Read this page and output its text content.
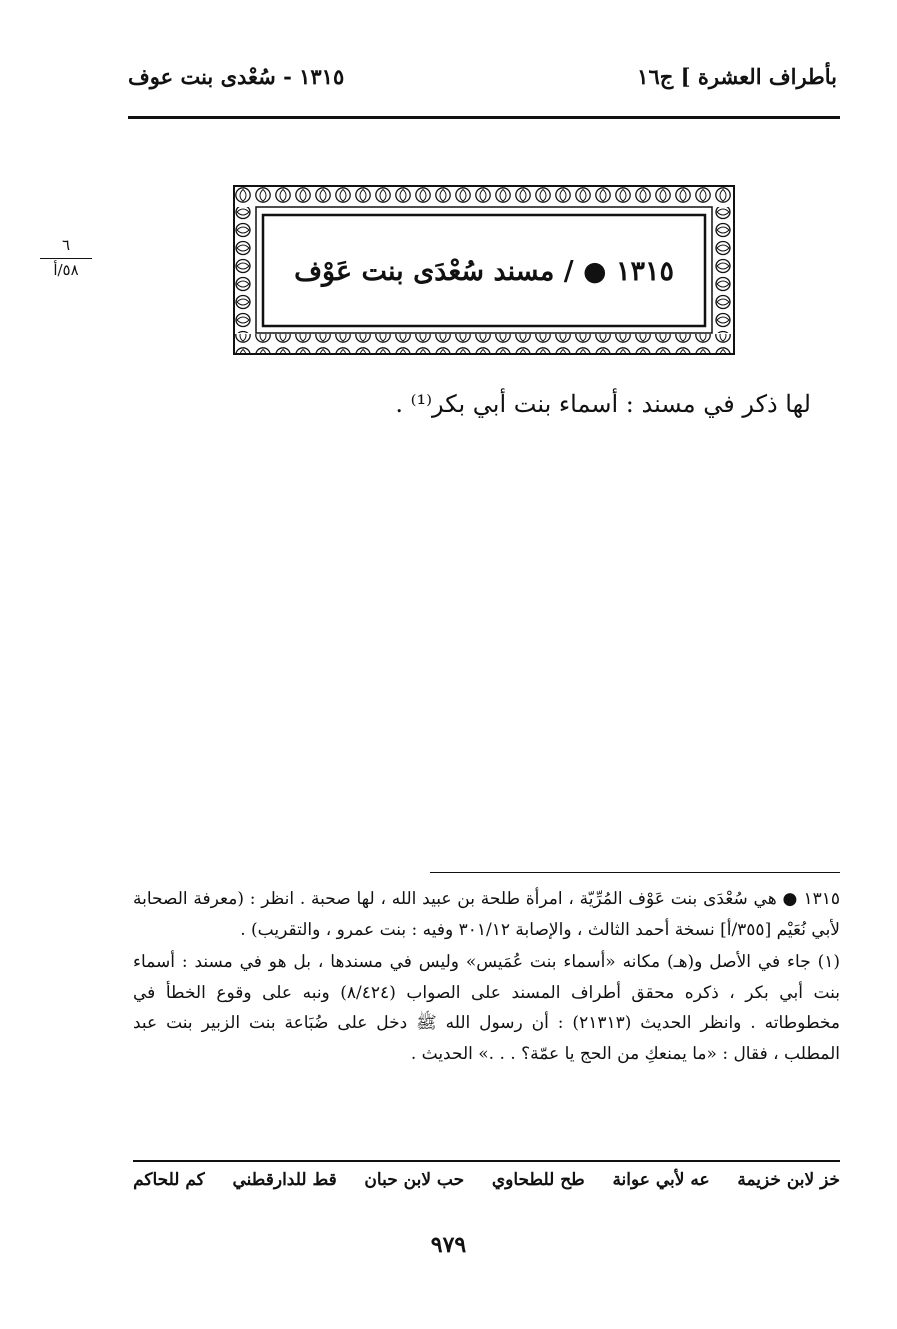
بأطراف العشرة ] ج١٦
١٣١٥ - سُعْدى بنت عوف
٦
٥٨/أ	١٣١٥ ● / مسند سُعْدَى بنت عَوْف
لها ذكر في مسند : أسماء بنت أبي بكر⁽¹⁾ .

١٣١٥ ● هي سُعْدَى بنت عَوْف المُرِّيّة ، امرأة طلحة بن عبيد الله ، لها صحبة . انظر : (معرفة الصحابة لأبي نُعَيْم [٣٥٥/أ] نسخة أحمد الثالث ، والإصابة ٣٠١/١٢ وفيه : بنت عمرو ، والتقريب) .

(١) جاء في الأصل و(هـ) مكانه «أسماء بنت عُمَيس» وليس في مسندها ، بل هو في مسند : أسماء بنت أبي بكر ، ذكره محقق أطراف المسند على الصواب (٨/٤٢٤) ونبه على وقوع الخطأ في مخطوطاته . وانظر الحديث (٢١٣١٣) : أن رسول الله ﷺ دخل على ضُبَاعة بنت الزبير بنت عبد المطلب ، فقال : «ما يمنعكِ من الحج يا عمّة؟ . . .» الحديث .

خز لابن خزيمة
عه لأبي عوانة
طح للطحاوي
حب لابن حبان
قط للدارقطني
كم للحاكم
٩٧٩
